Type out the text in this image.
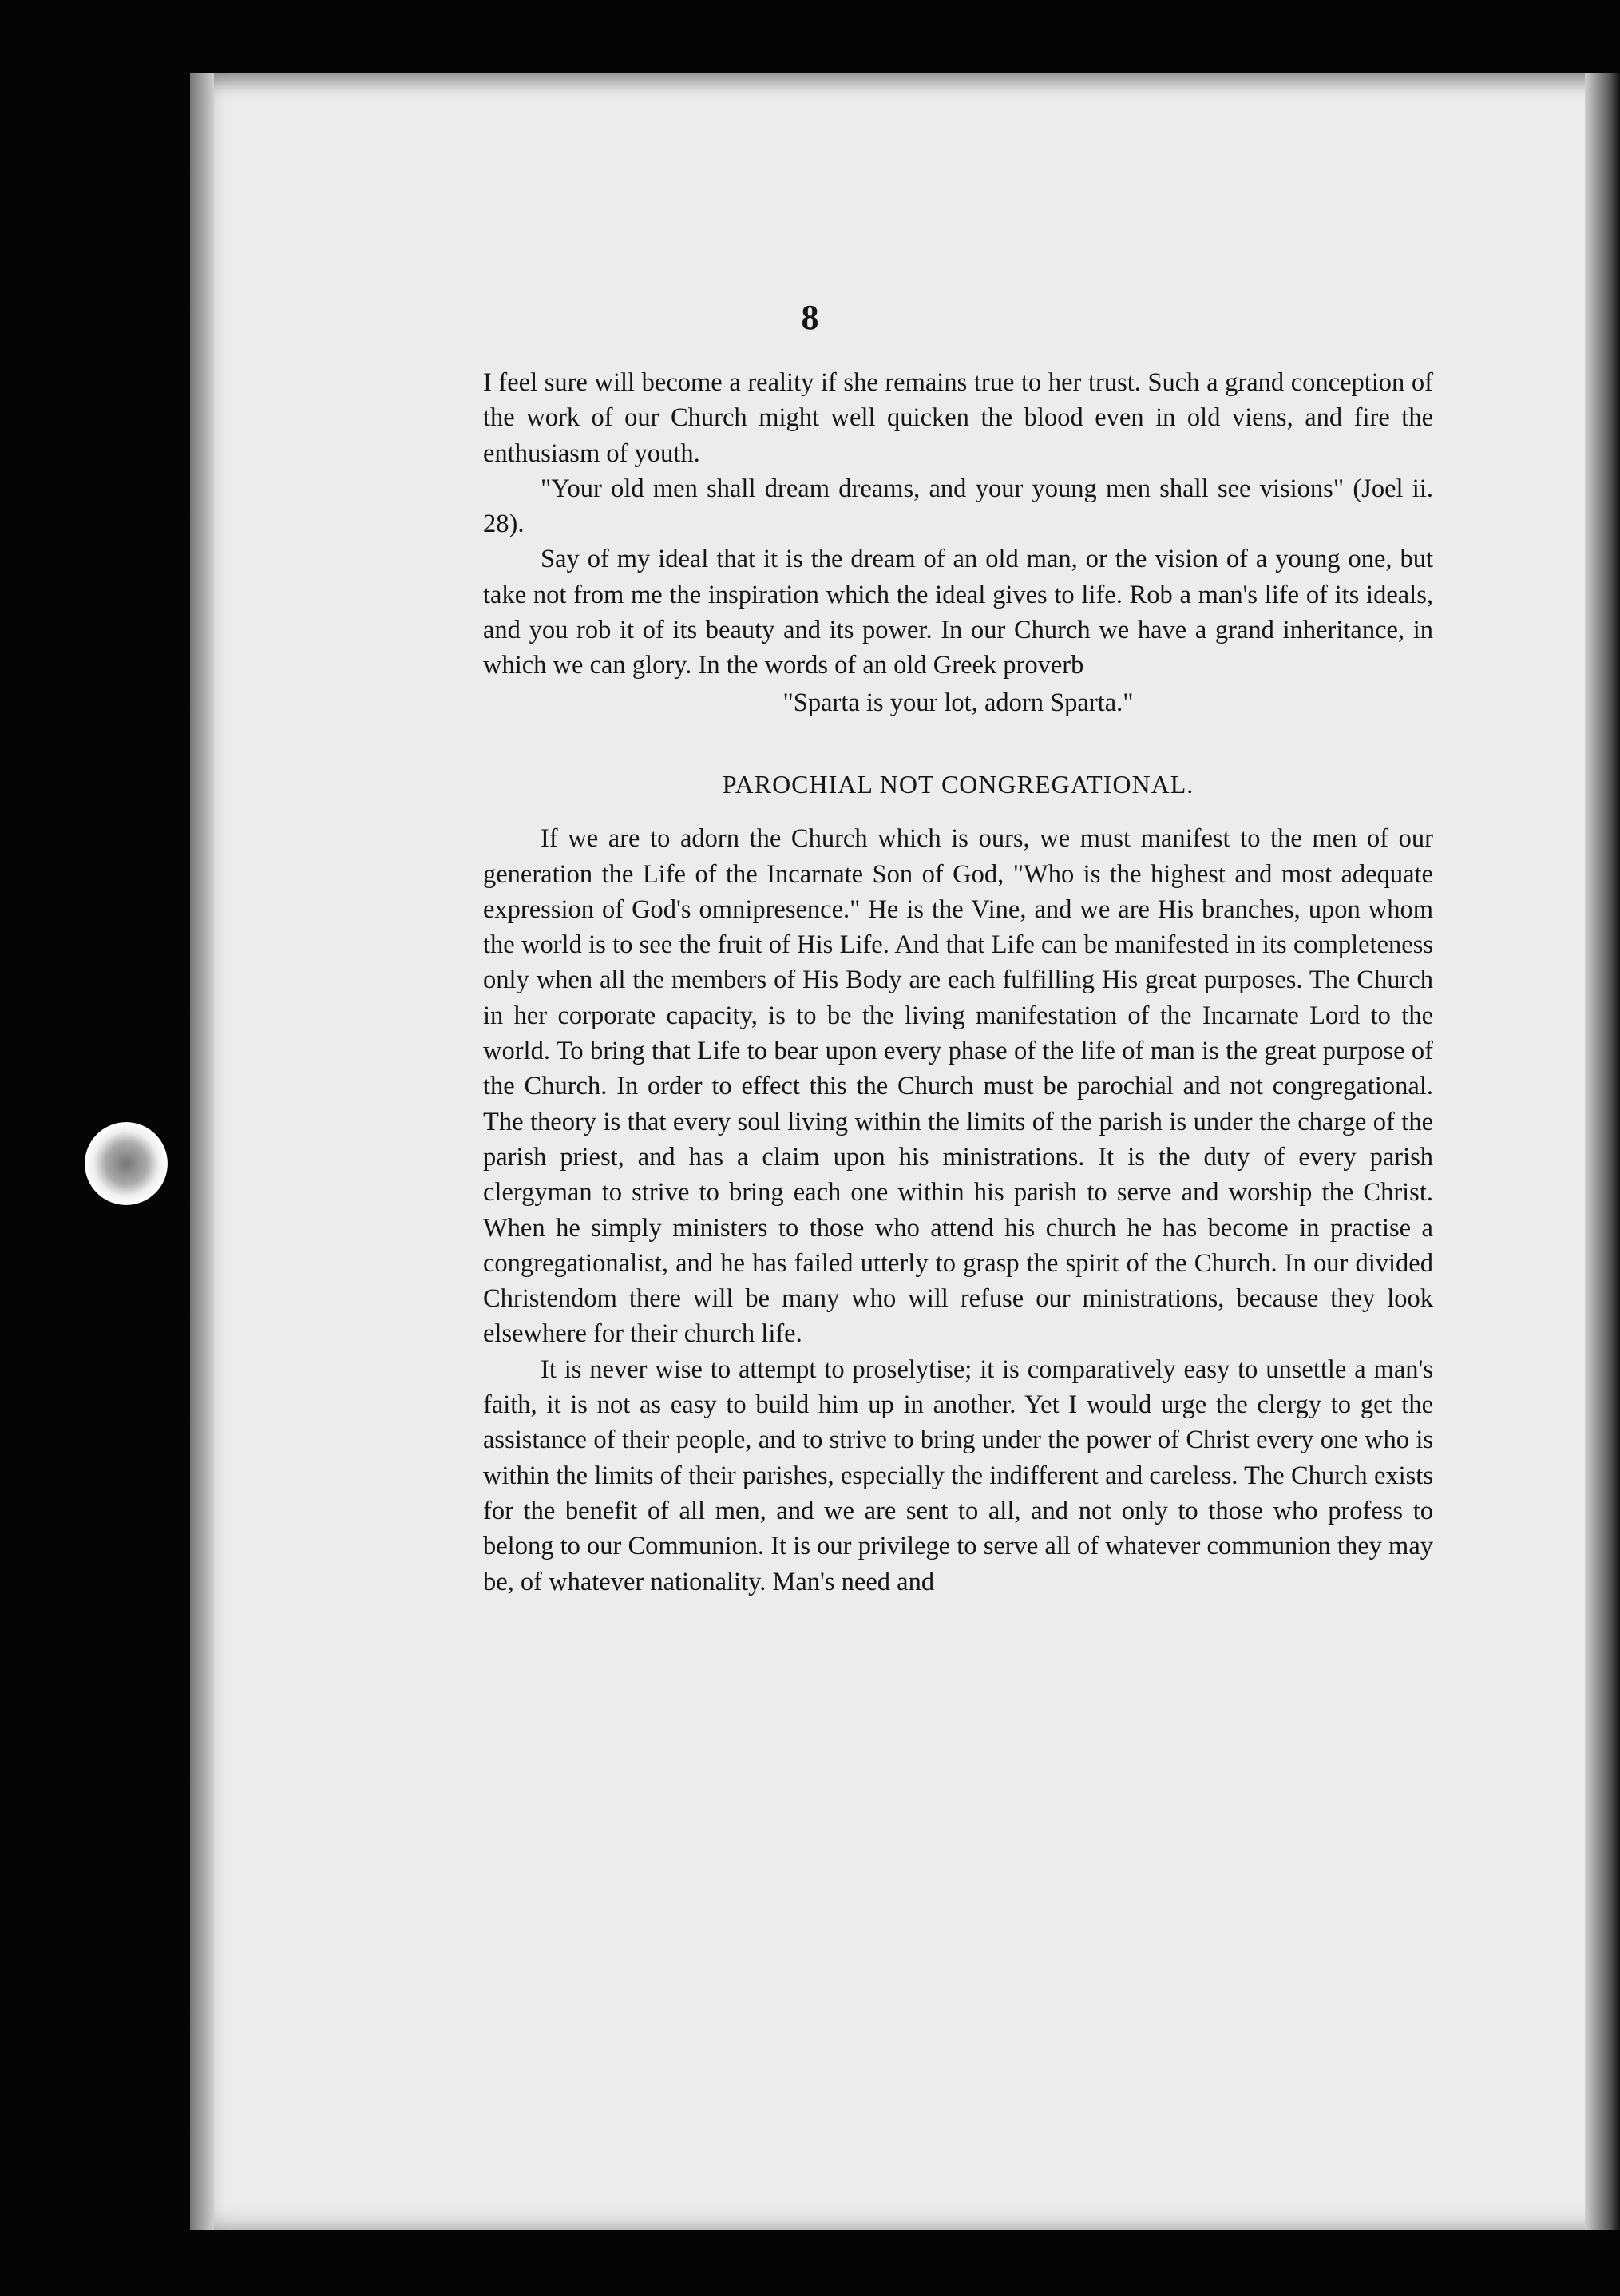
8

I feel sure will become a reality if she remains true to her trust. Such a grand conception of the work of our Church might well quicken the blood even in old viens, and fire the enthusiasm of youth.

"Your old men shall dream dreams, and your young men shall see visions" (Joel ii. 28).

Say of my ideal that it is the dream of an old man, or the vision of a young one, but take not from me the inspiration which the ideal gives to life. Rob a man's life of its ideals, and you rob it of its beauty and its power. In our Church we have a grand inheritance, in which we can glory. In the words of an old Greek proverb

"Sparta is your lot, adorn Sparta."

PAROCHIAL NOT CONGREGATIONAL.

If we are to adorn the Church which is ours, we must manifest to the men of our generation the Life of the Incarnate Son of God, "Who is the highest and most adequate expression of God's omnipresence." He is the Vine, and we are His branches, upon whom the world is to see the fruit of His Life. And that Life can be manifested in its completeness only when all the members of His Body are each fulfilling His great purposes. The Church in her corporate capacity, is to be the living manifestation of the Incarnate Lord to the world. To bring that Life to bear upon every phase of the life of man is the great purpose of the Church. In order to effect this the Church must be parochial and not congregational. The theory is that every soul living within the limits of the parish is under the charge of the parish priest, and has a claim upon his ministrations. It is the duty of every parish clergyman to strive to bring each one within his parish to serve and worship the Christ. When he simply ministers to those who attend his church he has become in practise a congregationalist, and he has failed utterly to grasp the spirit of the Church. In our divided Christendom there will be many who will refuse our ministrations, because they look elsewhere for their church life.

It is never wise to attempt to proselytise; it is comparatively easy to unsettle a man's faith, it is not as easy to build him up in another. Yet I would urge the clergy to get the assistance of their people, and to strive to bring under the power of Christ every one who is within the limits of their parishes, especially the indifferent and careless. The Church exists for the benefit of all men, and we are sent to all, and not only to those who profess to belong to our Communion. It is our privilege to serve all of whatever communion they may be, of whatever nationality. Man's need and
